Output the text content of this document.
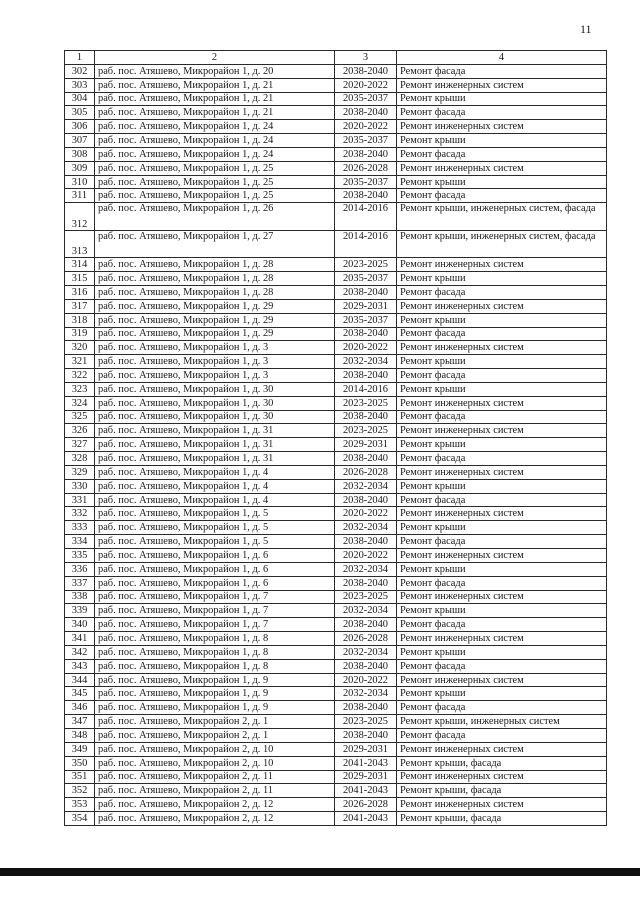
11
1	2	3	4
302	раб. пос. Атяшево, Микрорайон 1, д. 20	2038-2040	Ремонт фасада
303	раб. пос. Атяшево, Микрорайон 1, д. 21	2020-2022	Ремонт инженерных систем
304	раб. пос. Атяшево, Микрорайон 1, д. 21	2035-2037	Ремонт крыши
305	раб. пос. Атяшево, Микрорайон 1, д. 21	2038-2040	Ремонт фасада
306	раб. пос. Атяшево, Микрорайон 1, д. 24	2020-2022	Ремонт инженерных систем
307	раб. пос. Атяшево, Микрорайон 1, д. 24	2035-2037	Ремонт крыши
308	раб. пос. Атяшево, Микрорайон 1, д. 24	2038-2040	Ремонт фасада
309	раб. пос. Атяшево, Микрорайон 1, д. 25	2026-2028	Ремонт инженерных систем
310	раб. пос. Атяшево, Микрорайон 1, д. 25	2035-2037	Ремонт крыши
311	раб. пос. Атяшево, Микрорайон 1, д. 25	2038-2040	Ремонт фасада
312	раб. пос. Атяшево, Микрорайон 1, д. 26	2014-2016	Ремонт крыши, инженерных систем, фасада
313	раб. пос. Атяшево, Микрорайон 1, д. 27	2014-2016	Ремонт крыши, инженерных систем, фасада
314	раб. пос. Атяшево, Микрорайон 1, д. 28	2023-2025	Ремонт инженерных систем
315	раб. пос. Атяшево, Микрорайон 1, д. 28	2035-2037	Ремонт крыши
316	раб. пос. Атяшево, Микрорайон 1, д. 28	2038-2040	Ремонт фасада
317	раб. пос. Атяшево, Микрорайон 1, д. 29	2029-2031	Ремонт инженерных систем
318	раб. пос. Атяшево, Микрорайон 1, д. 29	2035-2037	Ремонт крыши
319	раб. пос. Атяшево, Микрорайон 1, д. 29	2038-2040	Ремонт фасада
320	раб. пос. Атяшево, Микрорайон 1, д. 3	2020-2022	Ремонт инженерных систем
321	раб. пос. Атяшево, Микрорайон 1, д. 3	2032-2034	Ремонт крыши
322	раб. пос. Атяшево, Микрорайон 1, д. 3	2038-2040	Ремонт фасада
323	раб. пос. Атяшево, Микрорайон 1, д. 30	2014-2016	Ремонт крыши
324	раб. пос. Атяшево, Микрорайон 1, д. 30	2023-2025	Ремонт инженерных систем
325	раб. пос. Атяшево, Микрорайон 1, д. 30	2038-2040	Ремонт фасада
326	раб. пос. Атяшево, Микрорайон 1, д. 31	2023-2025	Ремонт инженерных систем
327	раб. пос. Атяшево, Микрорайон 1, д. 31	2029-2031	Ремонт крыши
328	раб. пос. Атяшево, Микрорайон 1, д. 31	2038-2040	Ремонт фасада
329	раб. пос. Атяшево, Микрорайон 1, д. 4	2026-2028	Ремонт инженерных систем
330	раб. пос. Атяшево, Микрорайон 1, д. 4	2032-2034	Ремонт крыши
331	раб. пос. Атяшево, Микрорайон 1, д. 4	2038-2040	Ремонт фасада
332	раб. пос. Атяшево, Микрорайон 1, д. 5	2020-2022	Ремонт инженерных систем
333	раб. пос. Атяшево, Микрорайон 1, д. 5	2032-2034	Ремонт крыши
334	раб. пос. Атяшево, Микрорайон 1, д. 5	2038-2040	Ремонт фасада
335	раб. пос. Атяшево, Микрорайон 1, д. 6	2020-2022	Ремонт инженерных систем
336	раб. пос. Атяшево, Микрорайон 1, д. 6	2032-2034	Ремонт крыши
337	раб. пос. Атяшево, Микрорайон 1, д. 6	2038-2040	Ремонт фасада
338	раб. пос. Атяшево, Микрорайон 1, д. 7	2023-2025	Ремонт инженерных систем
339	раб. пос. Атяшево, Микрорайон 1, д. 7	2032-2034	Ремонт крыши
340	раб. пос. Атяшево, Микрорайон 1, д. 7	2038-2040	Ремонт фасада
341	раб. пос. Атяшево, Микрорайон 1, д. 8	2026-2028	Ремонт инженерных систем
342	раб. пос. Атяшево, Микрорайон 1, д. 8	2032-2034	Ремонт крыши
343	раб. пос. Атяшево, Микрорайон 1, д. 8	2038-2040	Ремонт фасада
344	раб. пос. Атяшево, Микрорайон 1, д. 9	2020-2022	Ремонт инженерных систем
345	раб. пос. Атяшево, Микрорайон 1, д. 9	2032-2034	Ремонт крыши
346	раб. пос. Атяшево, Микрорайон 1, д. 9	2038-2040	Ремонт фасада
347	раб. пос. Атяшево, Микрорайон 2, д. 1	2023-2025	Ремонт крыши, инженерных систем
348	раб. пос. Атяшево, Микрорайон 2, д. 1	2038-2040	Ремонт фасада
349	раб. пос. Атяшево, Микрорайон 2, д. 10	2029-2031	Ремонт инженерных систем
350	раб. пос. Атяшево, Микрорайон 2, д. 10	2041-2043	Ремонт крыши, фасада
351	раб. пос. Атяшево, Микрорайон 2, д. 11	2029-2031	Ремонт инженерных систем
352	раб. пос. Атяшево, Микрорайон 2, д. 11	2041-2043	Ремонт крыши, фасада
353	раб. пос. Атяшево, Микрорайон 2, д. 12	2026-2028	Ремонт инженерных систем
354	раб. пос. Атяшево, Микрорайон 2, д. 12	2041-2043	Ремонт крыши, фасада
